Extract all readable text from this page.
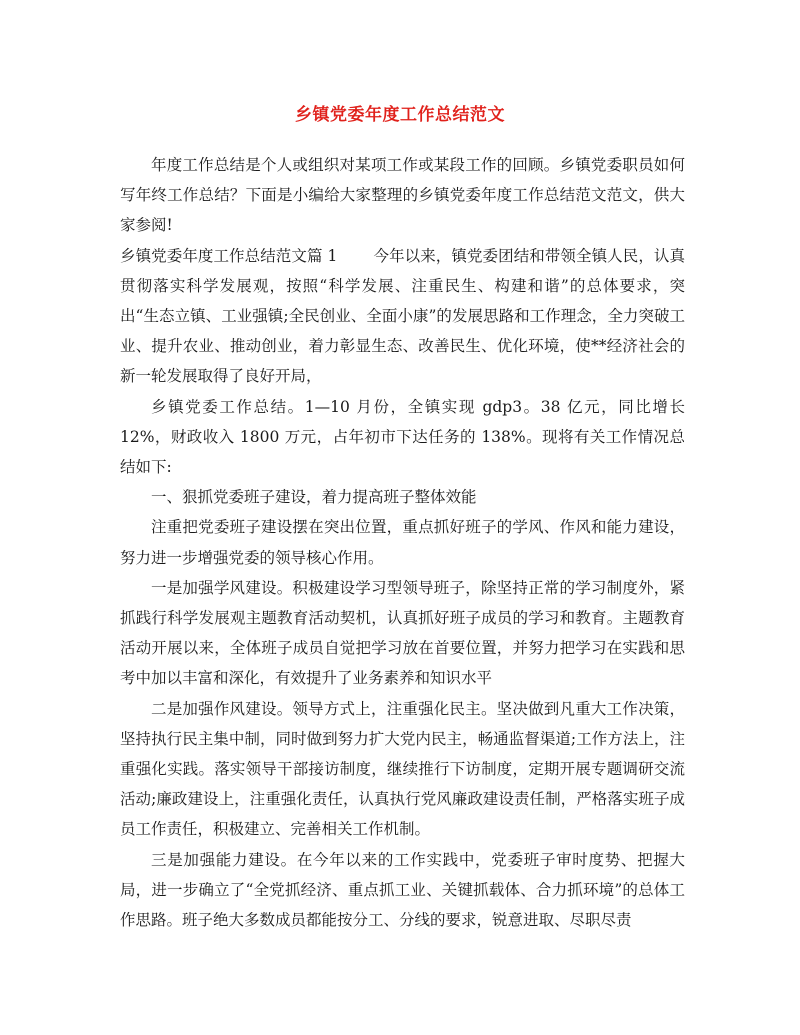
乡镇党委年度工作总结范文

年度工作总结是个人或组织对某项工作或某段工作的回顾。乡镇党委职员如何写年终工作总结？下面是小编给大家整理的乡镇党委年度工作总结范文范文，供大家参阅!

乡镇党委年度工作总结范文篇 1 今年以来，镇党委团结和带领全镇人民，认真贯彻落实科学发展观，按照“科学发展、注重民生、构建和谐”的总体要求，突出“生态立镇、工业强镇;全民创业、全面小康”的发展思路和工作理念，全力突破工业、提升农业、推动创业，着力彰显生态、改善民生、优化环境，使**经济社会的新一轮发展取得了良好开局，

乡镇党委工作总结。1—10 月份，全镇实现 gdp3。38 亿元，同比增长 12%，财政收入 1800 万元，占年初市下达任务的 138%。现将有关工作情况总结如下:

一、狠抓党委班子建设，着力提高班子整体效能

注重把党委班子建设摆在突出位置，重点抓好班子的学风、作风和能力建设，努力进一步增强党委的领导核心作用。

一是加强学风建设。积极建设学习型领导班子，除坚持正常的学习制度外，紧抓践行科学发展观主题教育活动契机，认真抓好班子成员的学习和教育。主题教育活动开展以来，全体班子成员自觉把学习放在首要位置，并努力把学习在实践和思考中加以丰富和深化，有效提升了业务素养和知识水平

二是加强作风建设。领导方式上，注重强化民主。坚决做到凡重大工作决策，坚持执行民主集中制，同时做到努力扩大党内民主，畅通监督渠道;工作方法上，注重强化实践。落实领导干部接访制度，继续推行下访制度，定期开展专题调研交流活动;廉政建设上，注重强化责任，认真执行党风廉政建设责任制，严格落实班子成员工作责任，积极建立、完善相关工作机制。

三是加强能力建设。在今年以来的工作实践中，党委班子审时度势、把握大局，进一步确立了“全党抓经济、重点抓工业、关键抓载体、合力抓环境”的总体工作思路。班子绝大多数成员都能按分工、分线的要求，锐意进取、尽职尽责
